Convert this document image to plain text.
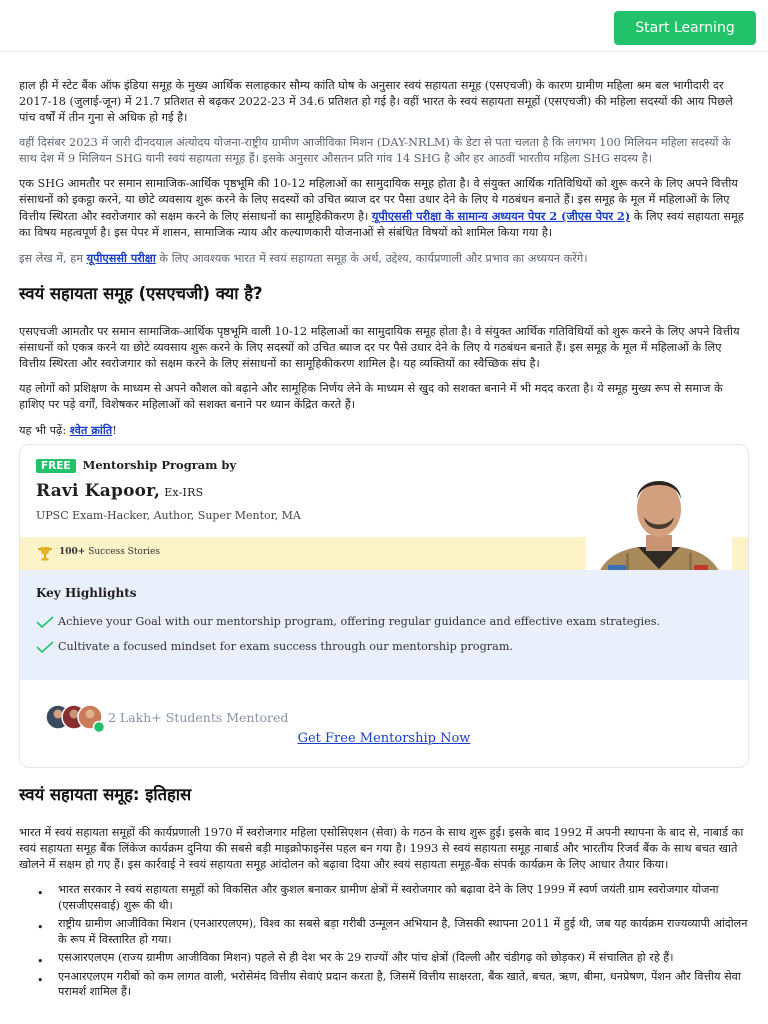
Start Learning

हाल ही में स्टेट बैंक ऑफ इंडिया समूह के मुख्य आर्थिक सलाहकार सौम्य कांति घोष के अनुसार स्वयं सहायता समूह (एसएचजी) के कारण ग्रामीण महिला श्रम बल भागीदारी दर 2017-18 (जुलाई-जून) में 21.7 प्रतिशत से बढ़कर 2022-23 में 34.6 प्रतिशत हो गई है। वहीं भारत के स्वयं सहायता समूहों (एसएचजी) की महिला सदस्यों की आय पिछले पांच वर्षों में तीन गुना से अधिक हो गई है।

वहीं दिसंबर 2023 में जारी दीनदयाल अंत्योदय योजना-राष्ट्रीय ग्रामीण आजीविका मिशन (DAY-NRLM) के डेटा से पता चलता है कि लगभग 100 मिलियन महिला सदस्यों के साथ देश में 9 मिलियन SHG यानी स्वयं सहायता समूह हैं। इसके अनुसार औसतन प्रति गांव 14 SHG है और हर आठवीं भारतीय महिला SHG सदस्य है।

एक SHG आमतौर पर समान सामाजिक-आर्थिक पृष्ठभूमि की 10-12 महिलाओं का सामुदायिक समूह होता है। वे संयुक्त आर्थिक गतिविधियों को शुरू करने के लिए अपने वित्तीय संसाधनों को इकट्ठा करने, या छोटे व्यवसाय शुरू करने के लिए सदस्यों को उचित ब्याज दर पर पैसा उधार देने के लिए ये गठबंधन बनाते हैं। इस समूह के मूल में महिलाओं के लिए वित्तीय स्थिरता और स्वरोजगार को सक्षम करने के लिए संसाधनों का सामूहिकीकरण है। यूपीएससी परीक्षा के सामान्य अध्ययन पेपर 2 (जीएस पेपर 2) के लिए स्वयं सहायता समूह का विषय महत्वपूर्ण है। इस पेपर में शासन, सामाजिक न्याय और कल्याणकारी योजनाओं से संबंधित विषयों को शामिल किया गया है।

इस लेख में, हम यूपीएससी परीक्षा के लिए आवश्यक भारत में स्वयं सहायता समूह के अर्थ, उद्देश्य, कार्यप्रणाली और प्रभाव का अध्ययन करेंगे।

स्वयं सहायता समूह (एसएचजी) क्या है?

एसएचजी आमतौर पर समान सामाजिक-आर्थिक पृष्ठभूमि वाली 10-12 महिलाओं का सामुदायिक समूह होता है। वे संयुक्त आर्थिक गतिविधियों को शुरू करने के लिए अपने वित्तीय संसाधनों को एकत्र करने या छोटे व्यवसाय शुरू करने के लिए सदस्यों को उचित ब्याज दर पर पैसे उधार देने के लिए ये गठबंधन बनाते हैं। इस समूह के मूल में महिलाओं के लिए वित्तीय स्थिरता और स्वरोजगार को सक्षम करने के लिए संसाधनों का सामूहिकीकरण शामिल है। यह व्यक्तियों का स्वैच्छिक संघ है।

यह लोगों को प्रशिक्षण के माध्यम से अपने कौशल को बढ़ाने और सामूहिक निर्णय लेने के माध्यम से खुद को सशक्त बनाने में भी मदद करता है। ये समूह मुख्य रूप से समाज के हाशिए पर पड़े वर्गों, विशेषकर महिलाओं को सशक्त बनाने पर ध्यान केंद्रित करते हैं।

यह भी पढ़ें: श्वेत क्रांति!
FREE Mentorship Program by
Ravi Kapoor, Ex-IRS
UPSC Exam-Hacker, Author, Super Mentor, MA
100+ Success Stories
Key Highlights
Achieve your Goal with our mentorship program, offering regular guidance and effective exam strategies.
Cultivate a focused mindset for exam success through our mentorship program.
2 Lakh+ Students Mentored
Get Free Mentorship Now
स्वयं सहायता समूह: इतिहास

भारत में स्वयं सहायता समूहों की कार्यप्रणाली 1970 में स्वरोजगार महिला एसोसिएशन (सेवा) के गठन के साथ शुरू हुई। इसके बाद 1992 में अपनी स्थापना के बाद से, नाबार्ड का स्वयं सहायता समूह बैंक लिंकेज कार्यक्रम दुनिया की सबसे बड़ी माइक्रोफाइनेंस पहल बन गया है। 1993 से स्वयं सहायता समूह नाबार्ड और भारतीय रिजर्व बैंक के साथ बचत खाते खोलने में सक्षम हो गए हैं। इस कार्रवाई ने स्वयं सहायता समूह आंदोलन को बढ़ावा दिया और स्वयं सहायता समूह-बैंक संपर्क कार्यक्रम के लिए आधार तैयार किया।

• भारत सरकार ने स्वयं सहायता समूहों को विकसित और कुशल बनाकर ग्रामीण क्षेत्रों में स्वरोजगार को बढ़ावा देने के लिए 1999 में स्वर्ण जयंती ग्राम स्वरोजगार योजना (एसजीएसवाई) शुरू की थी।
• राष्ट्रीय ग्रामीण आजीविका मिशन (एनआरएलएम), विश्व का सबसे बड़ा गरीबी उन्मूलन अभियान है, जिसकी स्थापना 2011 में हुई थी, जब यह कार्यक्रम राज्यव्यापी आंदोलन के रूप में विस्तारित हो गया।
• एसआरएलएम (राज्य ग्रामीण आजीविका मिशन) पहले से ही देश भर के 29 राज्यों और पांच क्षेत्रों (दिल्ली और चंडीगढ़ को छोड़कर) में संचालित हो रहे हैं।
• एनआरएलएम गरीबों को कम लागत वाली, भरोसेमंद वित्तीय सेवाएं प्रदान करता है, जिसमें वित्तीय साक्षरता, बैंक खाते, बचत, ऋण, बीमा, धनप्रेषण, पेंशन और वित्तीय सेवा परामर्श शामिल हैं।
